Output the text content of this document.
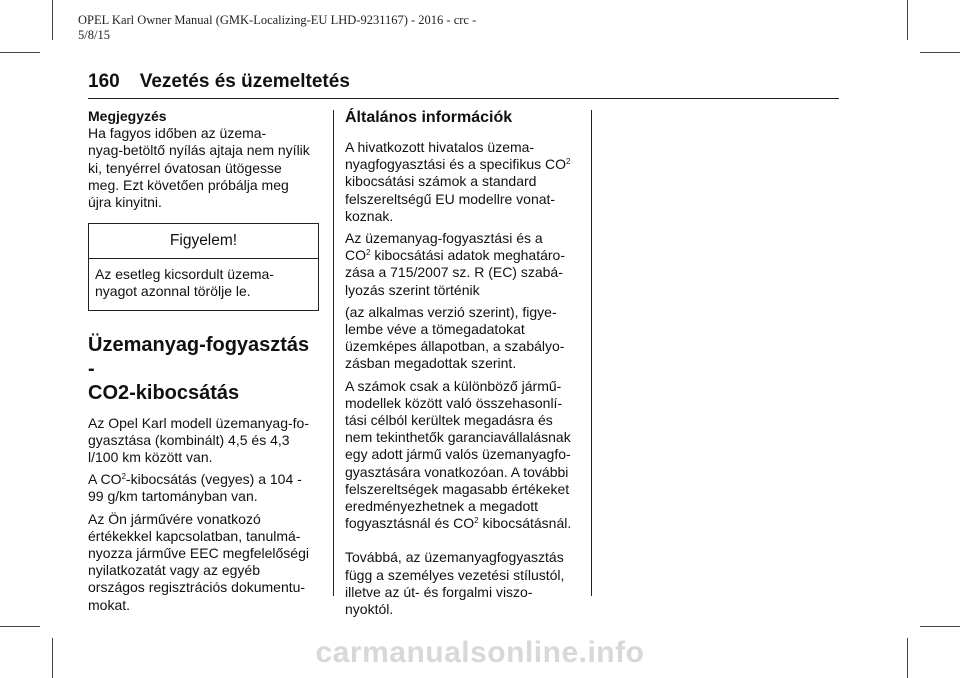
OPEL Karl Owner Manual (GMK-Localizing-EU LHD-9231167) - 2016 - crc -
5/8/15
160 Vezetés és üzemeltetés
Megjegyzés
Ha fagyos időben az üzema-
nyag-betöltő nyílás ajtaja nem nyílik
ki, tenyérrel óvatosan ütögesse
meg. Ezt követően próbálja meg
újra kinyitni.
Figyelem!
Az esetleg kicsordult üzema-
nyagot azonnal törölje le.
Üzemanyag-fogyasztás -
CO2-kibocsátás

Az Opel Karl modell üzemanyag-fo-
gyasztása (kombinált) 4,5 és 4,3
l/100 km között van.

A $CO^2$-kibocsátás (vegyes) a 104 -
99 g/km tartományban van.

Az Ön járművére vonatkozó
értékekkel kapcsolatban, tanulmá-
nyozza járműve EEC megfelelőségi
nyilatkozatát vagy az egyéb
országos regisztrációs dokumentu-
mokat.

Általános információk

A hivatkozott hivatalos üzema-
nyagfogyasztási és a specifikus $CO^2$
kibocsátási számok a standard
felszereltségű EU modellre vonat-
koznak.

Az üzemanyag-fogyasztási és a
$CO^2$ kibocsátási adatok meghatáro-
zása a 715/2007 sz. R (EC) szabá-
lyozás szerint történik

(az alkalmas verzió szerint), figye-
lembe véve a tömegadatokat
üzemképes állapotban, a szabályo-
zásban megadottak szerint.

A számok csak a különböző jármű-
modellek között való összehasonlí-
tási célból kerültek megadásra és
nem tekinthetők garanciavállalásnak
egy adott jármű valós üzemanyagfo-
gyasztására vonatkozóan. A további
felszereltségek magasabb értékeket
eredményezhetnek a megadott
fogyasztásnál és $CO^2$ kibocsátásnál.

Továbbá, az üzemanyagfogyasztás
függ a személyes vezetési stílustól,
illetve az út- és forgalmi viszo-
nyoktól.

carmanualsonline.info
